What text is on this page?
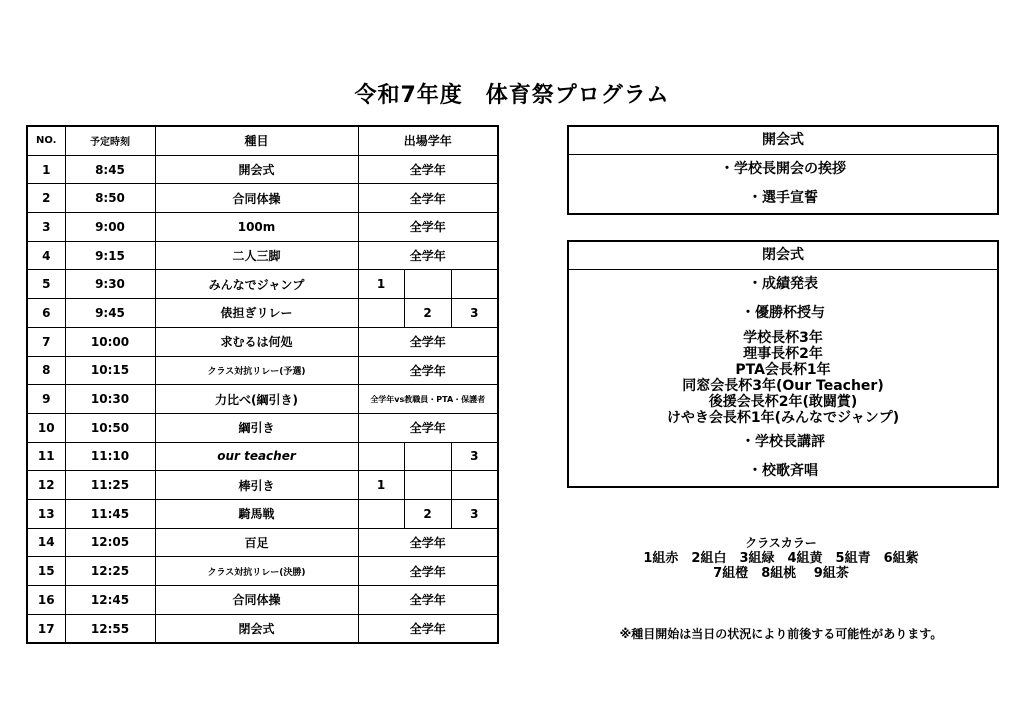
令和7年度　体育祭プログラム
NO.	予定時刻	種目	出場学年		
1	8:45	開会式	全学年		
2	8:50	合同体操	全学年		
3	9:00	100m	全学年		
4	9:15	二人三脚	全学年		
5	9:30	みんなでジャンプ	1		
6	9:45	俵担ぎリレー		2	3
7	10:00	求むるは何処	全学年		
8	10:15	クラス対抗リレー(予選)	全学年		
9	10:30	力比べ(綱引き)	全学年vs教職員・PTA・保護者		
10	10:50	綱引き	全学年		
11	11:10	our teacher			3
12	11:25	棒引き	1		
13	11:45	騎馬戦		2	3
14	12:05	百足	全学年		
15	12:25	クラス対抗リレー(決勝)	全学年		
16	12:45	合同体操	全学年		
17	12:55	閉会式	全学年		
開会式
・学校長開会の挨拶
・選手宣誓
閉会式
・成績発表
・優勝杯授与
学校長杯3年
理事長杯2年
PTA会長杯1年
同窓会長杯3年(Our Teacher)
後援会長杯2年(敢闘賞)
けやき会長杯1年(みんなでジャンプ)
・学校長講評
・校歌斉唱
クラスカラー
1組赤　2組白　3組緑　4組黄　5組青　6組紫
7組橙　8組桃　 9組茶
※種目開始は当日の状況により前後する可能性があります。
